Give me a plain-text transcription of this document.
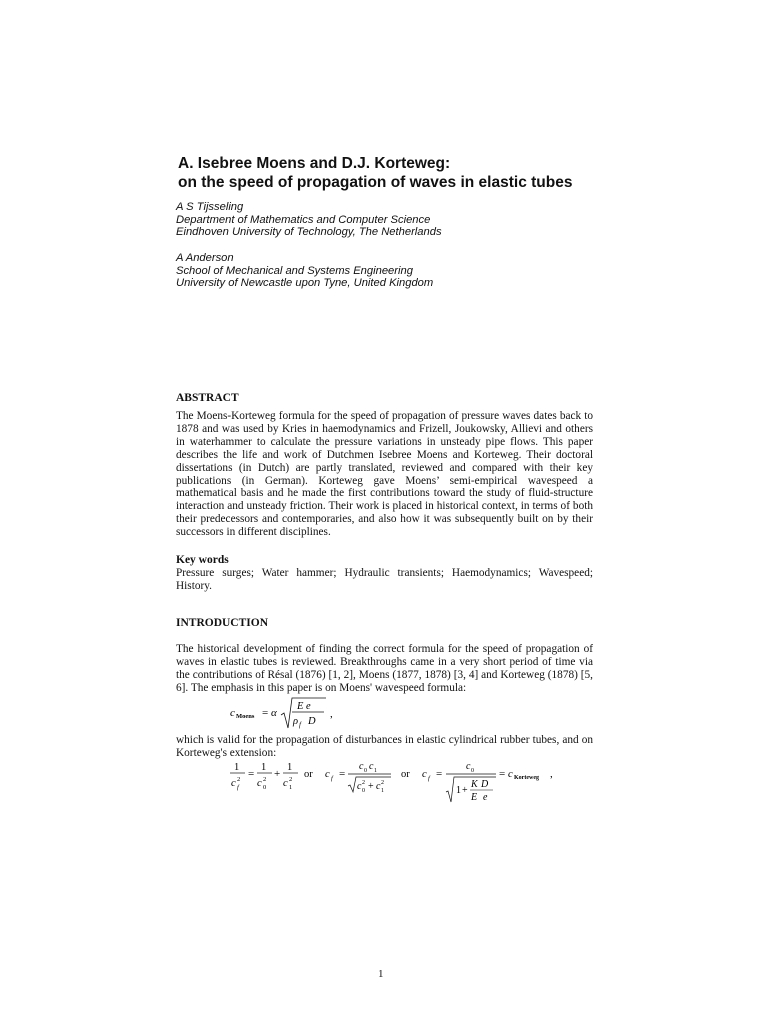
A. Isebree Moens and D.J. Korteweg:
on the speed of propagation of waves in elastic tubes
A S Tijsseling
Department of Mathematics and Computer Science
Eindhoven University of Technology, The Netherlands
A Anderson
School of Mechanical and Systems Engineering
University of Newcastle upon Tyne, United Kingdom
ABSTRACT
The Moens-Korteweg formula for the speed of propagation of pressure waves dates back to 1878 and was used by Kries in haemodynamics and Frizell, Joukowsky, Allievi and others in waterhammer to calculate the pressure variations in unsteady pipe flows. This paper describes the life and work of Dutchmen Isebree Moens and Korteweg. Their doctoral dissertations (in Dutch) are partly translated, reviewed and compared with their key publications (in German). Korteweg gave Moens’ semi-empirical wavespeed a mathematical basis and he made the first contributions toward the study of fluid-structure interaction and unsteady friction. Their work is placed in historical context, in terms of both their predecessors and contemporaries, and also how it was subsequently built on by their successors in different disciplines.
Key words
Pressure surges; Water hammer; Hydraulic transients; Haemodynamics; Wavespeed; History.
INTRODUCTION
The historical development of finding the correct formula for the speed of propagation of waves in elastic tubes is reviewed. Breakthroughs came in a very short period of time via the contributions of Résal (1876) [1, 2], Moens (1877, 1878) [3, 4] and Korteweg (1878) [5, 6]. The emphasis in this paper is on Moens' wavespeed formula:
c Moens = α
E e
ρ f D
,
which is valid for the propagation of disturbances in elastic cylindrical rubber tubes, and on Korteweg's extension:
1
c 2
f
=
1
c 2
0
+
1
c 2
1
or c f =
c 0 c 1
c 2
0 + c 2
1
or c f =
c 0
1 +
K D
E e
= c Korteweg ,
1
